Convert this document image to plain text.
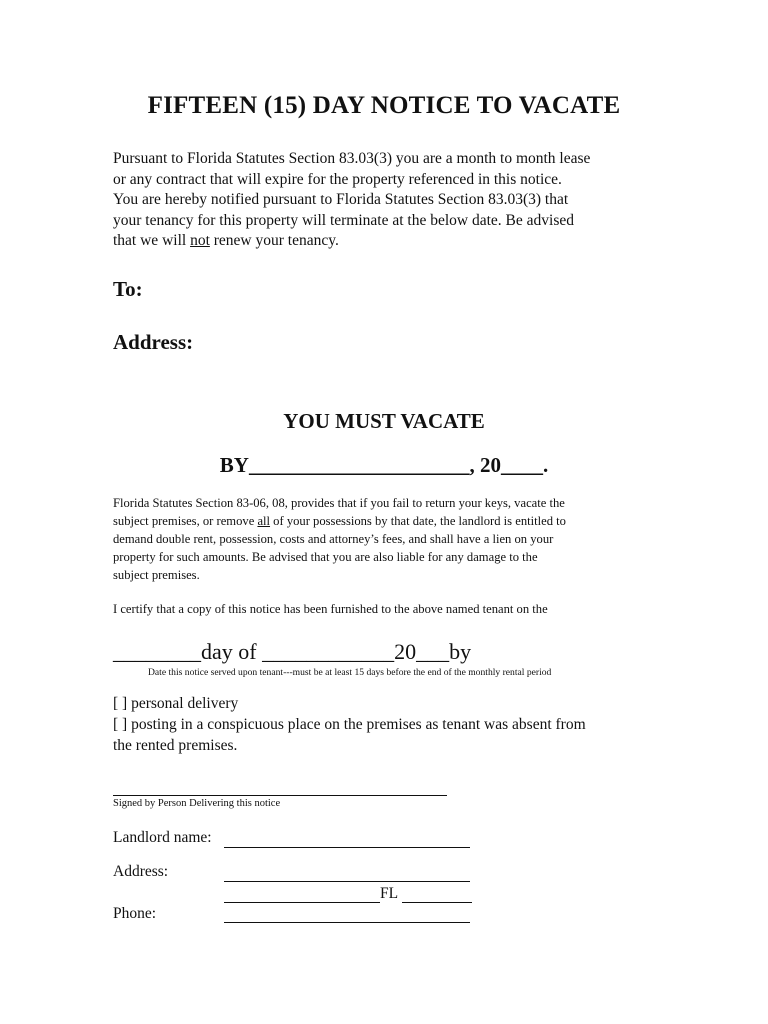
FIFTEEN (15) DAY NOTICE TO VACATE
Pursuant to Florida Statutes Section 83.03(3) you are a month to month lease
or any contract that will expire for the property referenced in this notice.
You are hereby notified pursuant to Florida Statutes Section 83.03(3) that
your tenancy for this property will terminate at the below date. Be advised
that we will not renew your tenancy.
To:
Address:
YOU MUST VACATE
BY_____________________, 20____.
Florida Statutes Section 83-06, 08, provides that if you fail to return your keys, vacate the
subject premises, or remove all of your possessions by that date, the landlord is entitled to
demand double rent, possession, costs and attorney’s fees, and shall have a lien on your
property for such amounts. Be advised that you are also liable for any damage to the
subject premises.
I certify that a copy of this notice has been furnished to the above named tenant on the
________day of ____________20___by
Date this notice served upon tenant---must be at least 15 days before the end of the monthly rental period
[ ] personal delivery
[ ] posting in a conspicuous place on the premises as tenant was absent from
the rented premises.
Signed by Person Delivering this notice
Landlord name:
Address:
FL
Phone:
